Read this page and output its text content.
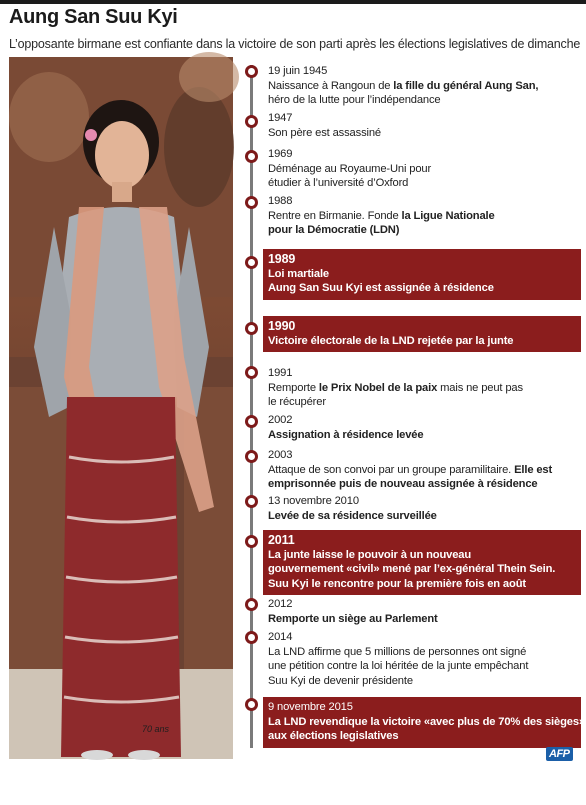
Aung San Suu Kyi
L’opposante birmane est confiante dans la victoire de son parti après les élections legislatives de dimanche
70 ans
Aung San Suu Kyi
à Rome, octobre 2013
Photo : Gabriel Bouys
19 juin 1945
Naissance à Rangoun de la fille du général Aung San,
héro de la lutte pour l’indépendance
1947
Son père est assassiné
1969
Déménage au Royaume-Uni pour
étudier à l’université d’Oxford
1988
Rentre en Birmanie. Fonde la Ligue Nationale
pour la Démocratie (LDN)
1989
Loi martiale
Aung San Suu Kyi est assignée à résidence
1990
Victoire électorale de la LND rejetée par la junte
1991
Remporte le Prix Nobel de la paix mais ne peut pas
le récupérer
2002
Assignation à résidence levée
2003
Attaque de son convoi par un groupe paramilitaire. Elle est
emprisonnée puis de nouveau assignée à résidence
13 novembre 2010
Levée de sa résidence surveillée
2011
La junte laisse le pouvoir à un nouveau
gouvernement «civil» mené par l’ex-général Thein Sein.
Suu Kyi le rencontre pour la première fois en août
2012
Remporte un siège au Parlement
2014
La LND affirme que 5 millions de personnes ont signé
une pétition contre la loi héritée de la junte empêchant
Suu Kyi de devenir présidente
9 novembre 2015
La LND revendique la victoire «avec plus de 70% des sièges»
aux élections legislatives
AFP
